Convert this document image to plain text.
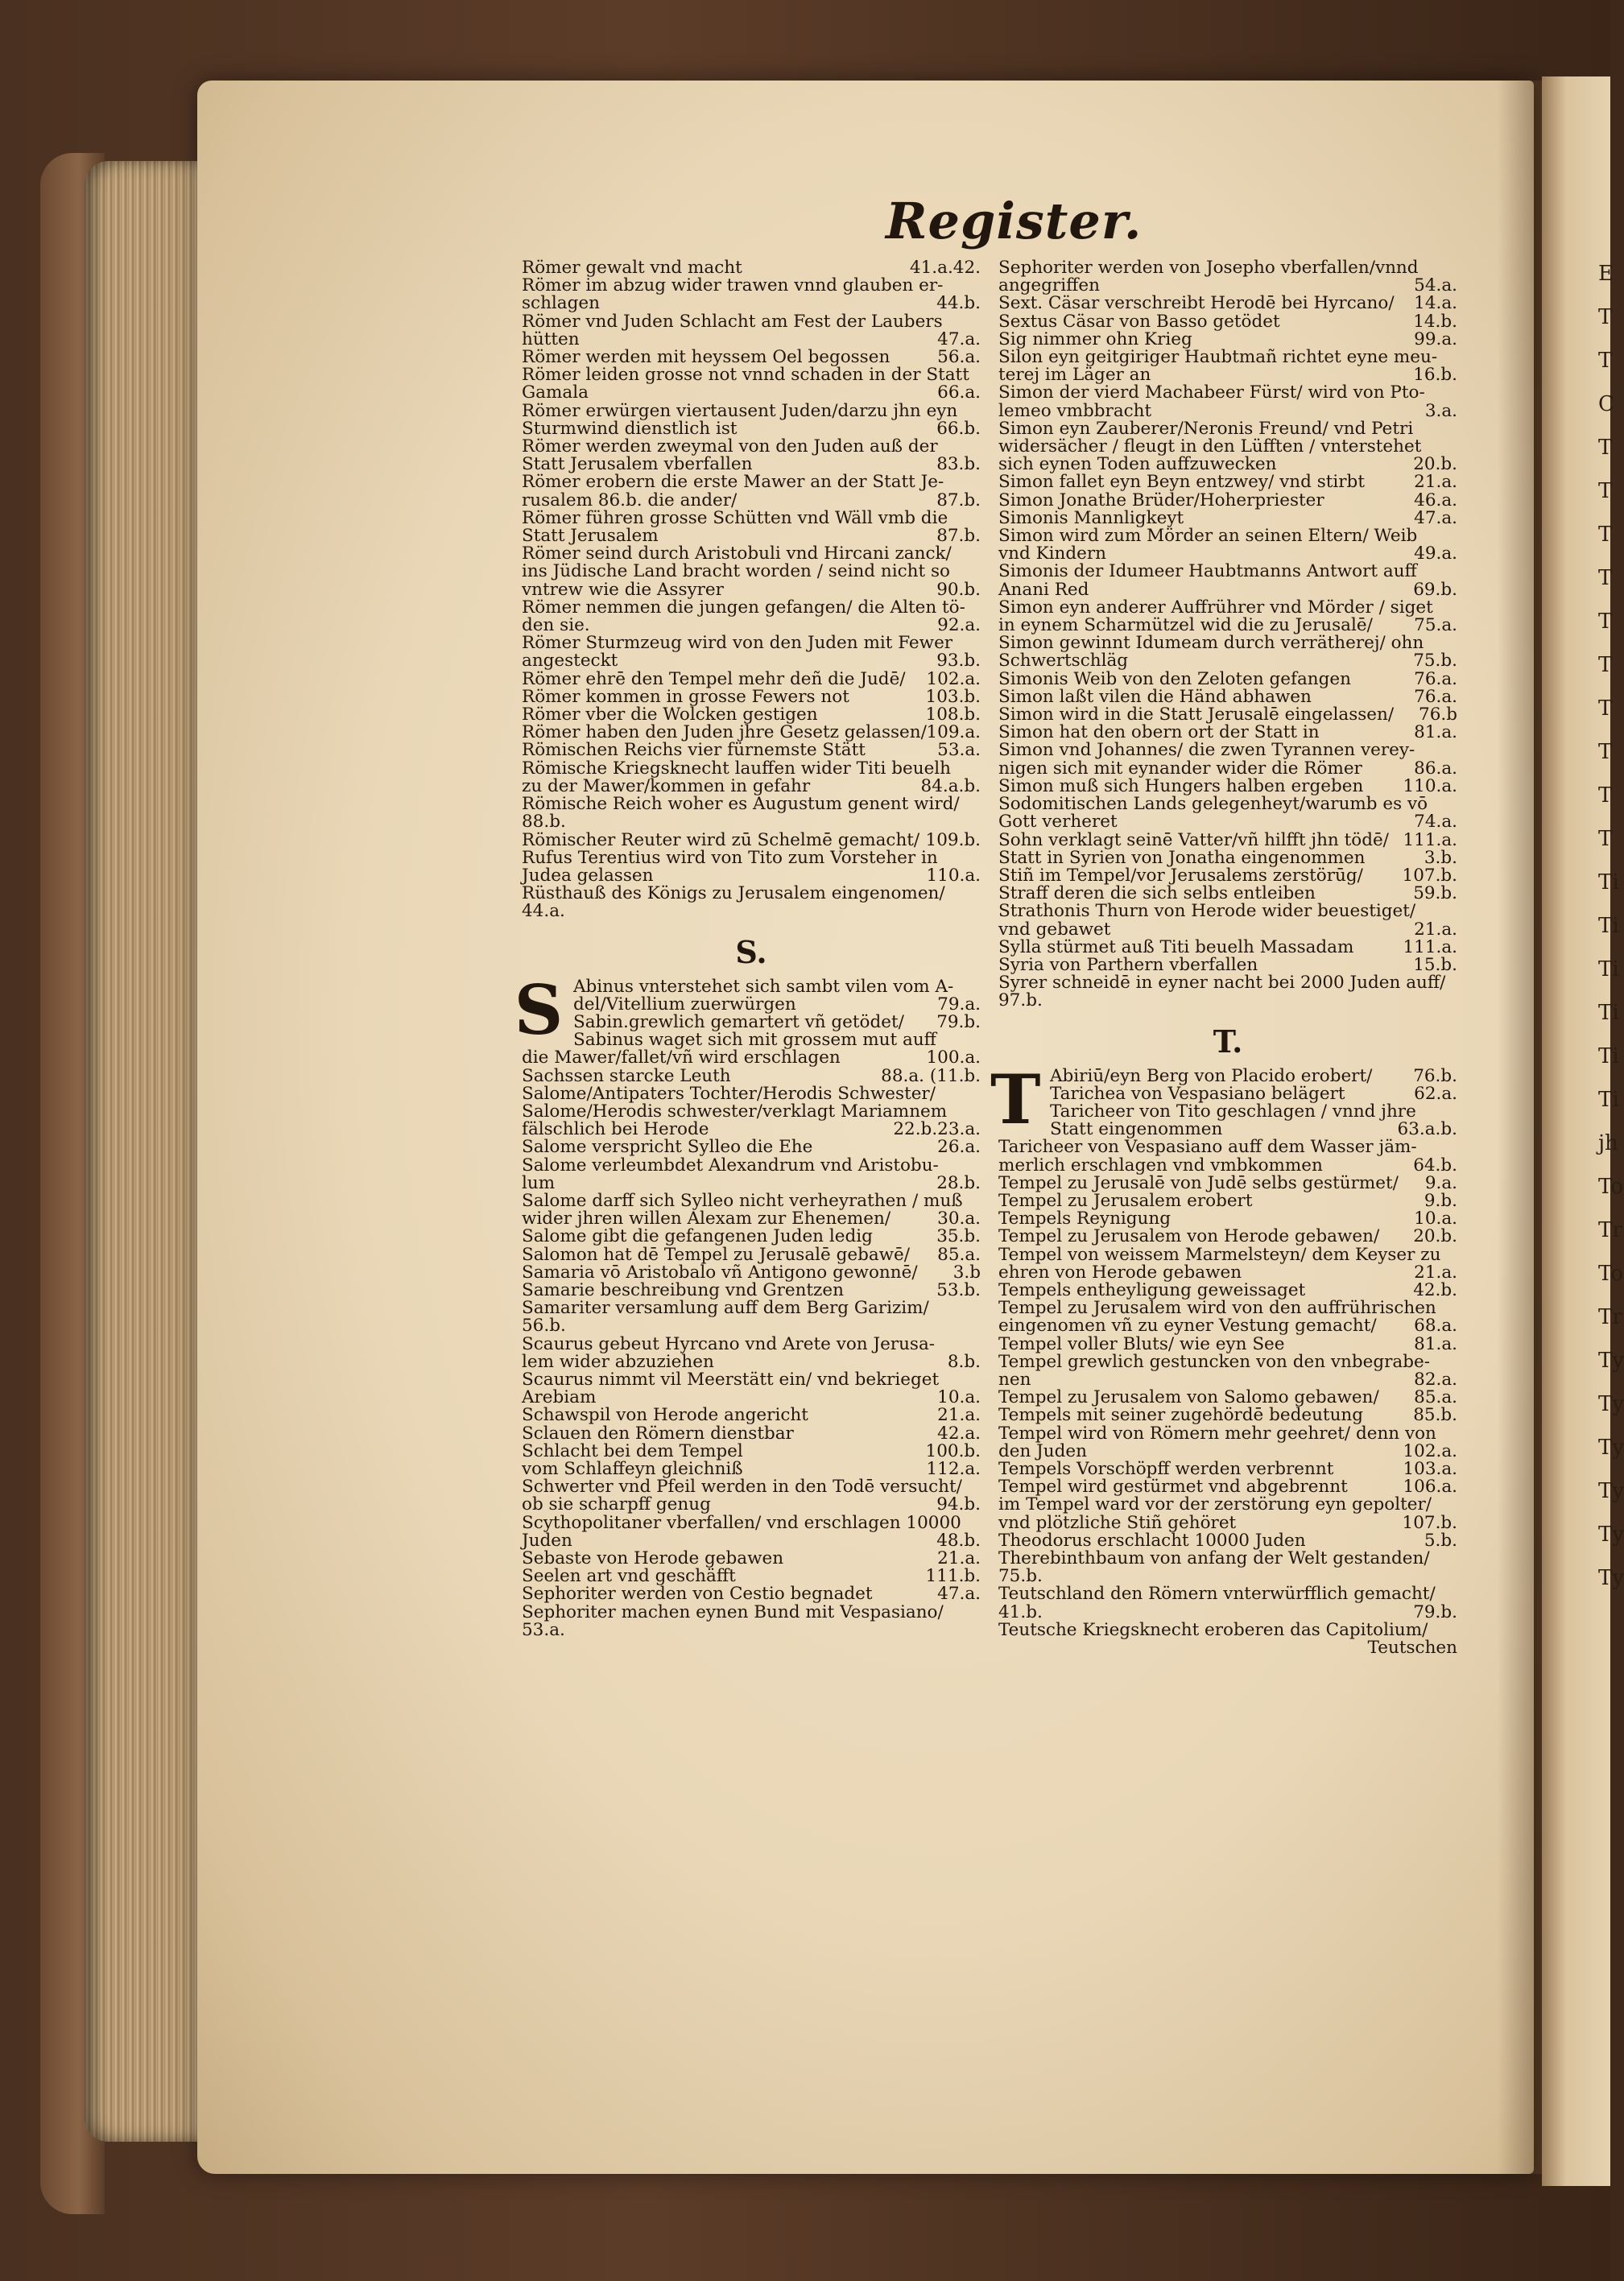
E
T
T
C
T
T
T
T
T
T
T
T
T
T
Ti
Ti
Ti
Ti
Ti
Ti
jh
To
Tr
To
Tr
Ty
Ty
Ty
Ty
Ty
Ty
Register.
Römer gewalt vnd macht	41.a.42.
Römer im abzug wider trawen vnnd glauben er-
schlagen	44.b.
Römer vnd Juden Schlacht am Fest der Laubers
hütten	47.a.
Römer werden mit heyssem Oel begossen	56.a.
Römer leiden grosse not vnnd schaden in der Statt
Gamala	66.a.
Römer erwürgen viertausent Juden/darzu jhn eyn
Sturmwind dienstlich ist	66.b.
Römer werden zweymal von den Juden auß der
Statt Jerusalem vberfallen	83.b.
Römer erobern die erste Mawer an der Statt Je-
rusalem 86.b. die ander/	87.b.
Römer führen grosse Schütten vnd Wäll vmb die
Statt Jerusalem	87.b.
Römer seind durch Aristobuli vnd Hircani zanck/
ins Jüdische Land bracht worden / seind nicht so
vntrew wie die Assyrer	90.b.
Römer nemmen die jungen gefangen/ die Alten tö-
den sie.	92.a.
Römer Sturmzeug wird von den Juden mit Fewer
angesteckt	93.b.
Römer ehrē den Tempel mehr deñ die Judē/ 102.a.
Römer kommen in grosse Fewers not	103.b.
Römer vber die Wolcken gestigen	108.b.
Römer haben den Juden jhre Gesetz gelassen/ 109.a.
Römischen Reichs vier fürnemste Stätt	53.a.
Römische Kriegsknecht lauffen wider Titi beuelh
zu der Mawer/kommen in gefahr	84.a.b.
Römische Reich woher es Augustum genent wird/
88.b.
Römischer Reuter wird zū Schelmē gemacht/ 109.b.
Rufus Terentius wird von Tito zum Vorsteher in
Judea gelassen	110.a.
Rüsthauß des Königs zu Jerusalem eingenomen/
44.a.
S.
S Abinus vnterstehet sich sambt vilen vom A-
del/Vitellium zuerwürgen	79.a.
Sabin.grewlich gemartert vñ getödet/ 79.b.
Sabinus waget sich mit grossem mut auff
die Mawer/fallet/vñ wird erschlagen	100.a.
Sachssen starcke Leuth	88.a. (11.b.
Salome/Antipaters Tochter/Herodis Schwester/
Salome/Herodis schwester/verklagt Mariamnem
fälschlich bei Herode	22.b.23.a.
Salome verspricht Sylleo die Ehe	26.a.
Salome verleumbdet Alexandrum vnd Aristobu-
lum	28.b.
Salome darff sich Sylleo nicht verheyrathen / muß
wider jhren willen Alexam zur Ehenemen/	30.a.
Salome gibt die gefangenen Juden ledig	35.b.
Salomon hat dē Tempel zu Jerusalē gebawē/ 85.a.
Samaria vō Aristobalo vñ Antigono gewonnē/ 3.b
Samarie beschreibung vnd Grentzen	53.b.
Samariter versamlung auff dem Berg Garizim/
56.b.
Scaurus gebeut Hyrcano vnd Arete von Jerusa-
lem wider abzuziehen	8.b.
Scaurus nimmt vil Meerstätt ein/ vnd bekrieget
Arebiam	10.a.
Schawspil von Herode angericht	21.a.
Sclauen den Römern dienstbar	42.a.
Schlacht bei dem Tempel	100.b.
vom Schlaffeyn gleichniß	112.a.
Schwerter vnd Pfeil werden in den Todē versucht/
ob sie scharpff genug	94.b.
Scythopolitaner vberfallen/ vnd erschlagen 10000
Juden	48.b.
Sebaste von Herode gebawen	21.a.
Seelen art vnd geschäfft	111.b.
Sephoriter werden von Cestio begnadet	47.a.
Sephoriter machen eynen Bund mit Vespasiano/
53.a.
Sephoriter werden von Josepho vberfallen/vnnd
angegriffen	54.a.
Sext. Cäsar verschreibt Herodē bei Hyrcano/ 14.a.
Sextus Cäsar von Basso getödet	14.b.
Sig nimmer ohn Krieg	99.a.
Silon eyn geitgiriger Haubtmañ richtet eyne meu-
terej im Läger an	16.b.
Simon der vierd Machabeer Fürst/ wird von Pto-
lemeo vmbbracht	3.a.
Simon eyn Zauberer/Neronis Freund/ vnd Petri
widersächer / fleugt in den Lüfften / vnterstehet
sich eynen Toden auffzuwecken	20.b.
Simon fallet eyn Beyn entzwey/ vnd stirbt	21.a.
Simon Jonathe Brüder/Hoherpriester	46.a.
Simonis Mannligkeyt	47.a.
Simon wird zum Mörder an seinen Eltern/ Weib
vnd Kindern	49.a.
Simonis der Idumeer Haubtmanns Antwort auff
Anani Red	69.b.
Simon eyn anderer Auffrührer vnd Mörder / siget
in eynem Scharmützel wid die zu Jerusalē/ 75.a.
Simon gewinnt Idumeam durch verrätherej/ ohn
Schwertschläg	75.b.
Simonis Weib von den Zeloten gefangen	76.a.
Simon laßt vilen die Händ abhawen	76.a.
Simon wird in die Statt Jerusalē eingelassen/ 76.b
Simon hat den obern ort der Statt in	81.a.
Simon vnd Johannes/ die zwen Tyrannen verey-
nigen sich mit eynander wider die Römer	86.a.
Simon muß sich Hungers halben ergeben 110.a.
Sodomitischen Lands gelegenheyt/warumb es vō
Gott verheret	74.a.
Sohn verklagt seinē Vatter/vñ hilfft jhn tödē/ 111.a.
Statt in Syrien von Jonatha eingenommen	3.b.
Stiñ im Tempel/vor Jerusalems zerstörūg/ 107.b.
Straff deren die sich selbs entleiben	59.b.
Strathonis Thurn von Herode wider beuestiget/
vnd gebawet	21.a.
Sylla stürmet auß Titi beuelh Massadam	111.a.
Syria von Parthern vberfallen	15.b.
Syrer schneidē in eyner nacht bei 2000 Juden auff/
97.b.
T.
T Abiriū/eyn Berg von Placido erobert/ 76.b.
Tarichea von Vespasiano belägert	62.a.
Taricheer von Tito geschlagen / vnnd jhre
Statt eingenommen	63.a.b.
Taricheer von Vespasiano auff dem Wasser jäm-
merlich erschlagen vnd vmbkommen	64.b.
Tempel zu Jerusalē von Judē selbs gestürmet/ 9.a.
Tempel zu Jerusalem erobert	9.b.
Tempels Reynigung	10.a.
Tempel zu Jerusalem von Herode gebawen/ 20.b.
Tempel von weissem Marmelsteyn/ dem Keyser zu
ehren von Herode gebawen	21.a.
Tempels entheyligung geweissaget	42.b.
Tempel zu Jerusalem wird von den auffrührischen
eingenomen vñ zu eyner Vestung gemacht/ 68.a.
Tempel voller Bluts/ wie eyn See	81.a.
Tempel grewlich gestuncken von den vnbegrabe-
nen	82.a.
Tempel zu Jerusalem von Salomo gebawen/ 85.a.
Tempels mit seiner zugehördē bedeutung	85.b.
Tempel wird von Römern mehr geehret/ denn von
den Juden	102.a.
Tempels Vorschöpff werden verbrennt	103.a.
Tempel wird gestürmet vnd abgebrennt	106.a.
im Tempel ward vor der zerstörung eyn gepolter/
vnd plötzliche Stiñ gehöret	107.b.
Theodorus erschlacht 10000 Juden	5.b.
Therebinthbaum von anfang der Welt gestanden/
75.b.
Teutschland den Römern vnterwürfflich gemacht/
41.b.	79.b.
Teutsche Kriegsknecht eroberen das Capitolium/
Teutschen
